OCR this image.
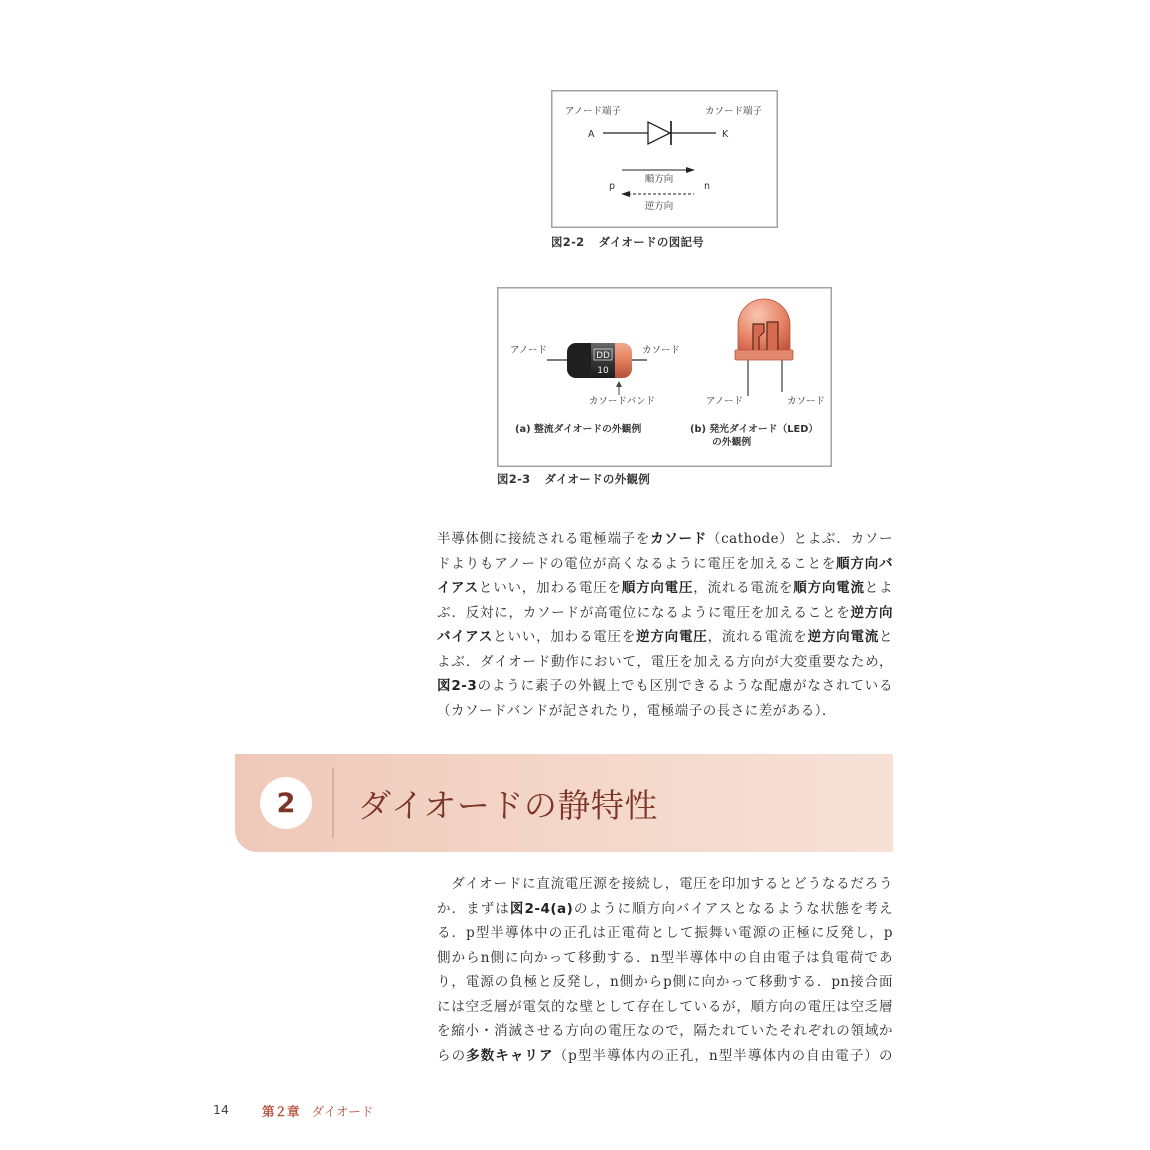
アノード端子	カソード端子
A	K
順方向
p	n
逆方向
図2-2 ダイオードの図記号
アノード	カソード
DD
10
カソードバンド
(a) 整流ダイオードの外観例
アノード	カソード
(b) 発光ダイオード（LED）
の外観例
図2-3 ダイオードの外観例
半導体側に接続される電極端子をカソード（cathode）とよぶ．カソー
ドよりもアノードの電位が高くなるように電圧を加えることを順方向バ
イアスといい，加わる電圧を順方向電圧，流れる電流を順方向電流とよ
ぶ．反対に，カソードが高電位になるように電圧を加えることを逆方向
バイアスといい，加わる電圧を逆方向電圧，流れる電流を逆方向電流と
よぶ．ダイオード動作において，電圧を加える方向が大変重要なため，
図2-3のように素子の外観上でも区別できるような配慮がなされている
（カソードバンドが記されたり，電極端子の長さに差がある）．
2	ダイオードの静特性
　ダイオードに直流電圧源を接続し，電圧を印加するとどうなるだろう
か．まずは図2-4(a)のように順方向バイアスとなるような状態を考え
る．p型半導体中の正孔は正電荷として振舞い電源の正極に反発し，p
側からn側に向かって移動する．n型半導体中の自由電子は負電荷であ
り，電源の負極と反発し，n側からp側に向かって移動する．pn接合面
には空乏層が電気的な壁として存在しているが，順方向の電圧は空乏層
を縮小・消滅させる方向の電圧なので，隔たれていたそれぞれの領域か
らの多数キャリア（p型半導体内の正孔，n型半導体内の自由電子）の
14	第２章 ダイオード
